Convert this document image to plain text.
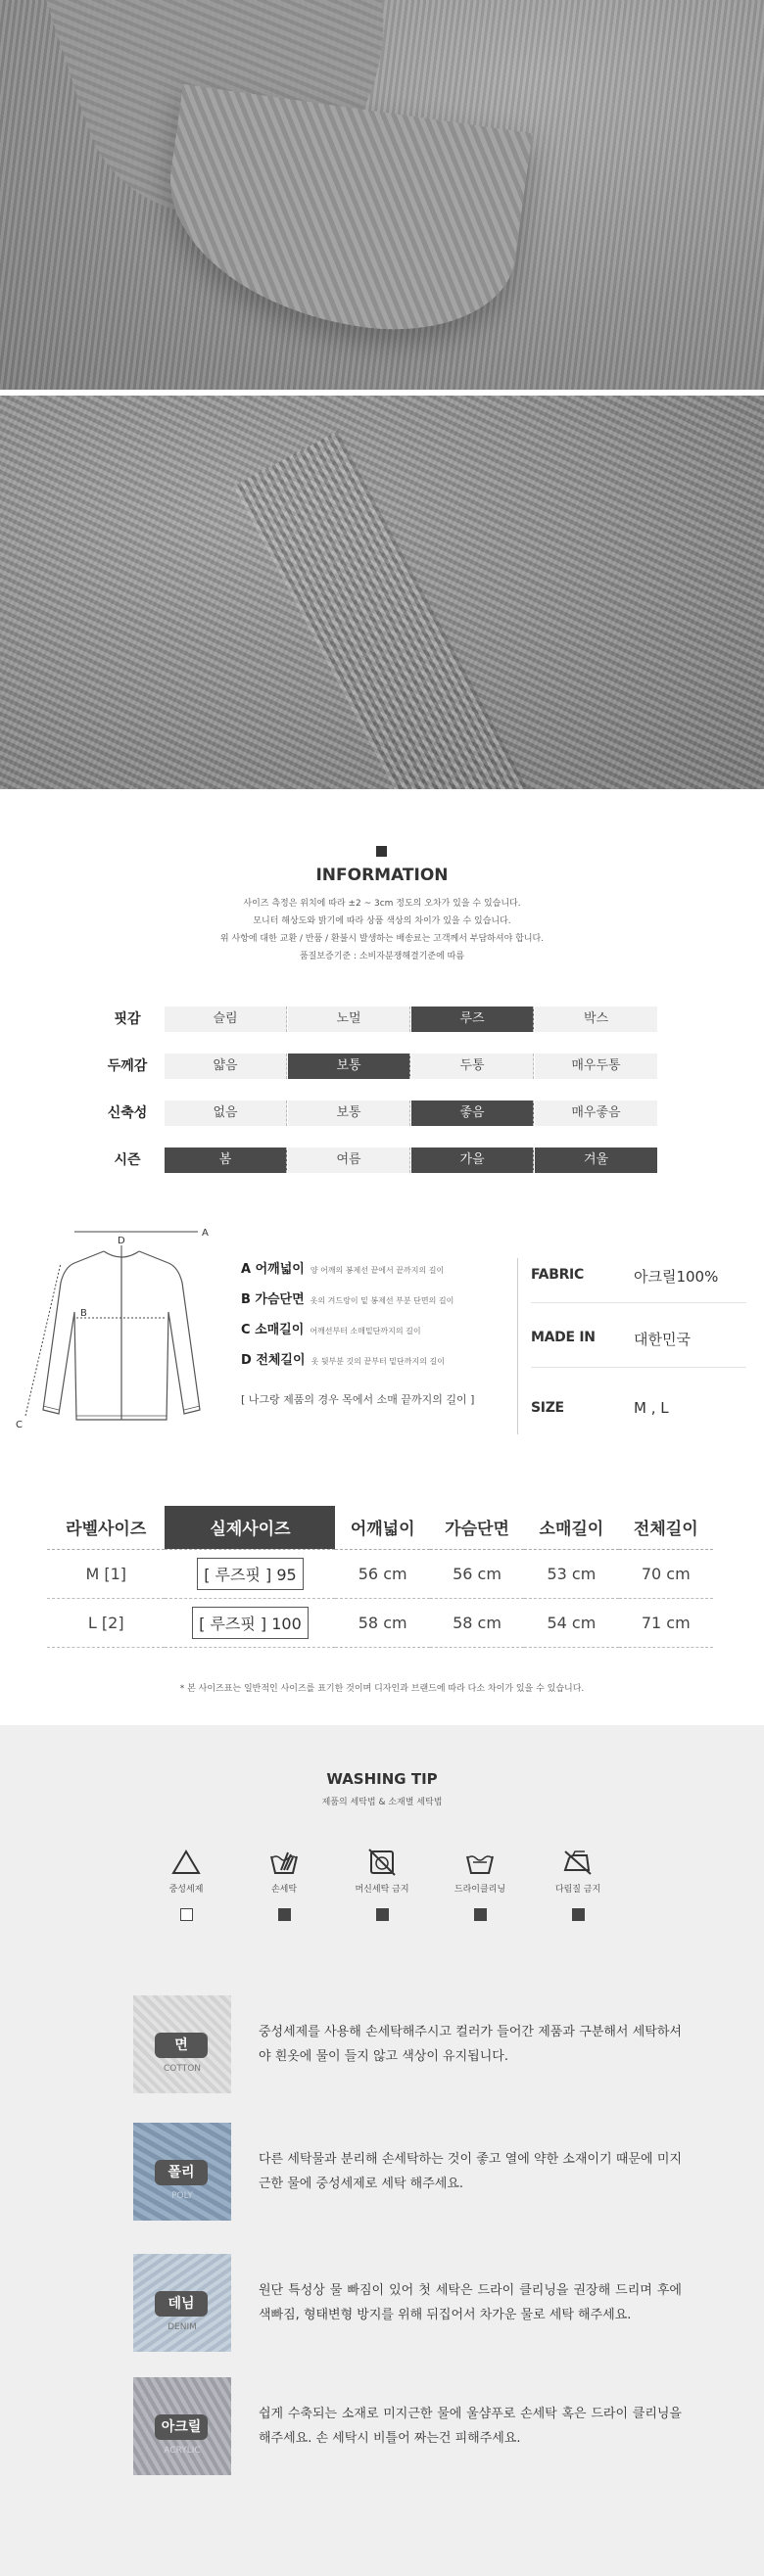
INFORMATION
사이즈 측정은 위치에 따라 ±2 ~ 3cm 정도의 오차가 있을 수 있습니다.
모니터 해상도와 밝기에 따라 상품 색상의 차이가 있을 수 있습니다.
위 사항에 대한 교환 / 반품 / 환불시 발생하는 배송료는 고객께서 부담하셔야 합니다.
품질보증기준 : 소비자분쟁해결기준에 따름
핏감	슬림	노멀	루즈	박스
두께감	얇음	보통	두통	매우두통
신축성	없음	보통	좋음	매우좋음
시즌	봄	여름	가을	겨울
A
B
C
D
A 어깨넓이 양 어깨의 봉제선 끝에서 끝까지의 길이
B 가슴단면 옷의 겨드랑이 밑 봉제선 부분 단면의 길이
C 소매길이 어깨선부터 소매밑단까지의 길이
D 전체길이 옷 뒷부분 깃의 끝부터 밑단까지의 길이
[ 나그랑 제품의 경우 목에서 소매 끝까지의 길이 ]
FABRIC	아크릴100%
MADE IN	대한민국
SIZE	M , L
라벨사이즈	실제사이즈	어깨넓이	가슴단면	소매길이	전체길이
M [1]	[ 루즈핏 ] 95	56 cm	56 cm	53 cm	70 cm
L [2]	[ 루즈핏 ] 100	58 cm	58 cm	54 cm	71 cm
* 본 사이즈표는 일반적인 사이즈를 표기한 것이며 디자인과 브랜드에 따라 다소 차이가 있을 수 있습니다.
WASHING TIP
제품의 세탁법 & 소재별 세탁법
중성세제	손세탁	머신세탁 금지	드라이클리닝	다림질 금지
면
COTTON
중성세제를 사용해 손세탁해주시고 컬러가 들어간 제품과 구분해서 세탁하셔야 흰옷에 물이 들지 않고 색상이 유지됩니다.
폴리
POLY
다른 세탁물과 분리해 손세탁하는 것이 좋고 열에 약한 소재이기 때문에 미지근한 물에 중성세제로 세탁 해주세요.
데님
DENIM
원단 특성상 물 빠짐이 있어 첫 세탁은 드라이 클리닝을 권장해 드리며 후에 색빠짐, 형태변형 방지를 위해 뒤집어서 차가운 물로 세탁 해주세요.
아크릴
ACRYLIC
쉽게 수축되는 소재로 미지근한 물에 울샴푸로 손세탁 혹은 드라이 클리닝을 해주세요. 손 세탁시 비틀어 짜는건 피해주세요.
